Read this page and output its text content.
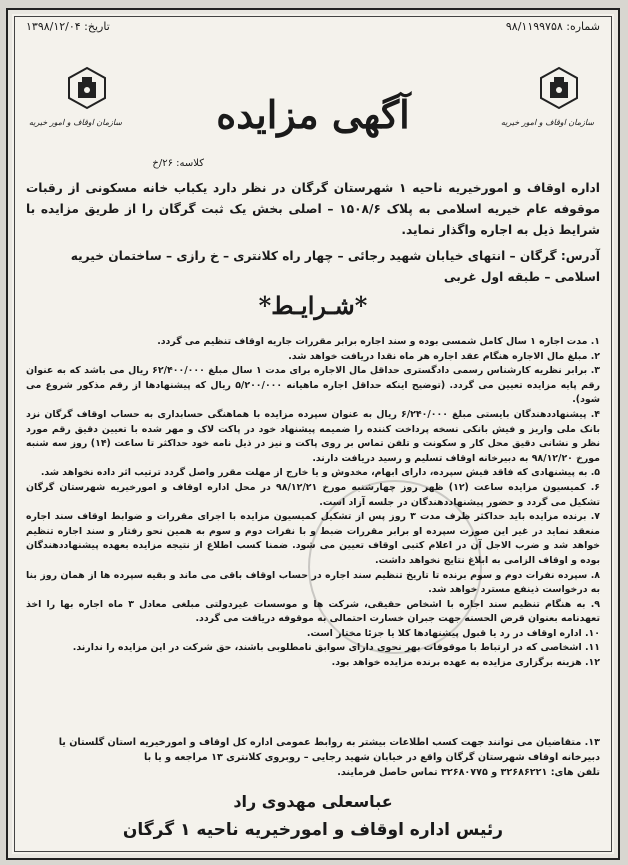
تاریخ: ۱۳۹۸/۱۲/۰۴	شماره: ۹۸/۱۱۹۹۷۵۸
سازمان اوقاف و امور خیریه	سازمان اوقاف و امور خیریه
آگهی مزایده
کلاسه: ۲۶/خ
اداره اوقاف و امورخیریه ناحیه ۱ شهرستان گرگان در نظر دارد یکباب خانه مسکونی از رقبات موقوفه عام خیریه اسلامی به پلاک ۱۵۰۸/۶ – اصلی بخش یک ثبت گرگان را از طریق مزایده با شرایط ذیل به اجاره واگذار نماید.
آدرس: گرگان – انتهای خیابان شهید رجائی – چهار راه کلانتری – خ رازی – ساختمان خیریه اسلامی – طبقه اول غربی
*شـرایـط*

۱. مدت اجاره ۱ سال کامل شمسی بوده و سند اجاره برابر مقررات جاریه اوقاف تنظیم می گردد.

۲. مبلغ مال الاجاره هنگام عقد اجاره هر ماه نقدا دریافت خواهد شد.

۳. برابر نظریه کارشناس رسمی دادگستری حداقل مال الاجاره برای مدت ۱ سال مبلغ ۶۲/۴۰۰/۰۰۰ ریال می باشد که به عنوان رقم پایه مزایده تعیین می گردد. (توضیح اینکه حداقل اجاره ماهیانه ۵/۲۰۰/۰۰۰ ریال که پیشنهادها از رقم مذکور شروع می شود).

۴. پیشنهاددهندگان بایستی مبلغ ۶/۲۴۰/۰۰۰ ریال به عنوان سپرده مزایده با هماهنگی حسابداری به حساب اوقاف گرگان نزد بانک ملی واریز و فیش بانکی نسخه پرداخت کننده را ضمیمه پیشنهاد خود در پاکت لاک و مهر شده با تعیین دقیق رقم مورد نظر و نشانی دقیق محل کار و سکونت و تلفن تماس بر روی پاکت و نیز در ذیل نامه خود حداکثر تا ساعت (۱۴) روز سه شنبه مورخ ۹۸/۱۲/۲۰ به دبیرخانه اوقاف تسلیم و رسید دریافت دارند.

۵. به پیشنهادی که فاقد فیش سپرده، دارای ابهام، مخدوش و یا خارج از مهلت مقرر واصل گردد ترتیب اثر داده نخواهد شد.

۶. کمیسیون مزایده ساعت (۱۲) ظهر روز چهارشنبه مورخ ۹۸/۱۲/۲۱ در محل اداره اوقاف و امورخیریه شهرستان گرگان تشکیل می گردد و حضور پیشنهاددهندگان در جلسه آزاد است.

۷. برنده مزایده باید حداکثر ظرف مدت ۳ روز پس از تشکیل کمیسیون مزایده با اجرای مقررات و ضوابط اوقاف سند اجاره منعقد نماید در غیر این صورت سپرده او برابر مقررات ضبط و با نفرات دوم و سوم به همین نحو رفتار و سند اجاره تنظیم خواهد شد و ضرب الاجل آن در اعلام کتبی اوقاف تعیین می شود. ضمنا کسب اطلاع از نتیجه مزایده بعهده پیشنهاددهندگان بوده و اوقاف الزامی به ابلاغ نتایج نخواهد داشت.

۸. سپرده نفرات دوم و سوم برنده تا تاریخ تنظیم سند اجاره در حساب اوقاف باقی می ماند و بقیه سپرده ها از همان روز بنا به درخواست ذینفع مسترد خواهد شد.

۹. به هنگام تنظیم سند اجاره با اشخاص حقیقی، شرکت ها و موسسات غیردولتی مبلغی معادل ۳ ماه اجاره بها را اخذ تعهدنامه بعنوان قرض الحسنه جهت جبران خسارت احتمالی به موقوفه دریافت می گردد.

۱۰. اداره اوقاف در رد یا قبول پیشنهادها کلا یا جزئا مختار است.

۱۱. اشخاصی که در ارتباط با موقوفات بهر نحوی دارای سوابق نامطلوبی باشند، حق شرکت در این مزایده را ندارند.

۱۲. هزینه برگزاری مزایده به عهده برنده مزایده خواهد بود.

۱۳. متقاضیان می توانند جهت کسب اطلاعات بیشتر به روابط عمومی اداره کل اوقاف و امورخیریه استان گلستان یا دبیرخانه اوقاف شهرستان گرگان واقع در خیابان شهید رجایی – روبروی کلانتری ۱۳ مراجعه و یا با
تلفن های: ۳۲۶۸۶۲۲۱ و ۳۲۶۸۰۷۷۵ تماس حاصل فرمایند.
عباسعلی مهدوی راد
رئیس اداره اوقاف و امورخیریه ناحیه ۱ گرگان
